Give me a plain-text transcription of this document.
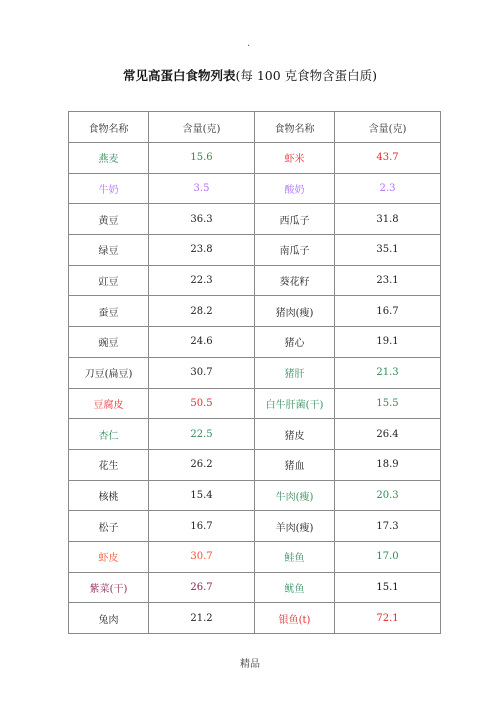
.
常见高蛋白食物列表(每 100 克食物含蛋白质)
食物名称	含量(克)	食物名称	含量(克)
燕麦	15.6	虾米	43.7
牛奶	3.5	酸奶	2.3
黄豆	36.3	西瓜子	31.8
绿豆	23.8	南瓜子	35.1
豇豆	22.3	葵花籽	23.1
蚕豆	28.2	猪肉(瘦)	16.7
豌豆	24.6	猪心	19.1
刀豆(扁豆)	30.7	猪肝	21.3
豆腐皮	50.5	白牛肝菌(干)	15.5
杏仁	22.5	猪皮	26.4
花生	26.2	猪血	18.9
核桃	15.4	牛肉(瘦)	20.3
松子	16.7	羊肉(瘦)	17.3
虾皮	30.7	鲑鱼	17.0
紫菜(干)	26.7	鱿鱼	15.1
兔肉	21.2	银鱼(t)	72.1
精品
